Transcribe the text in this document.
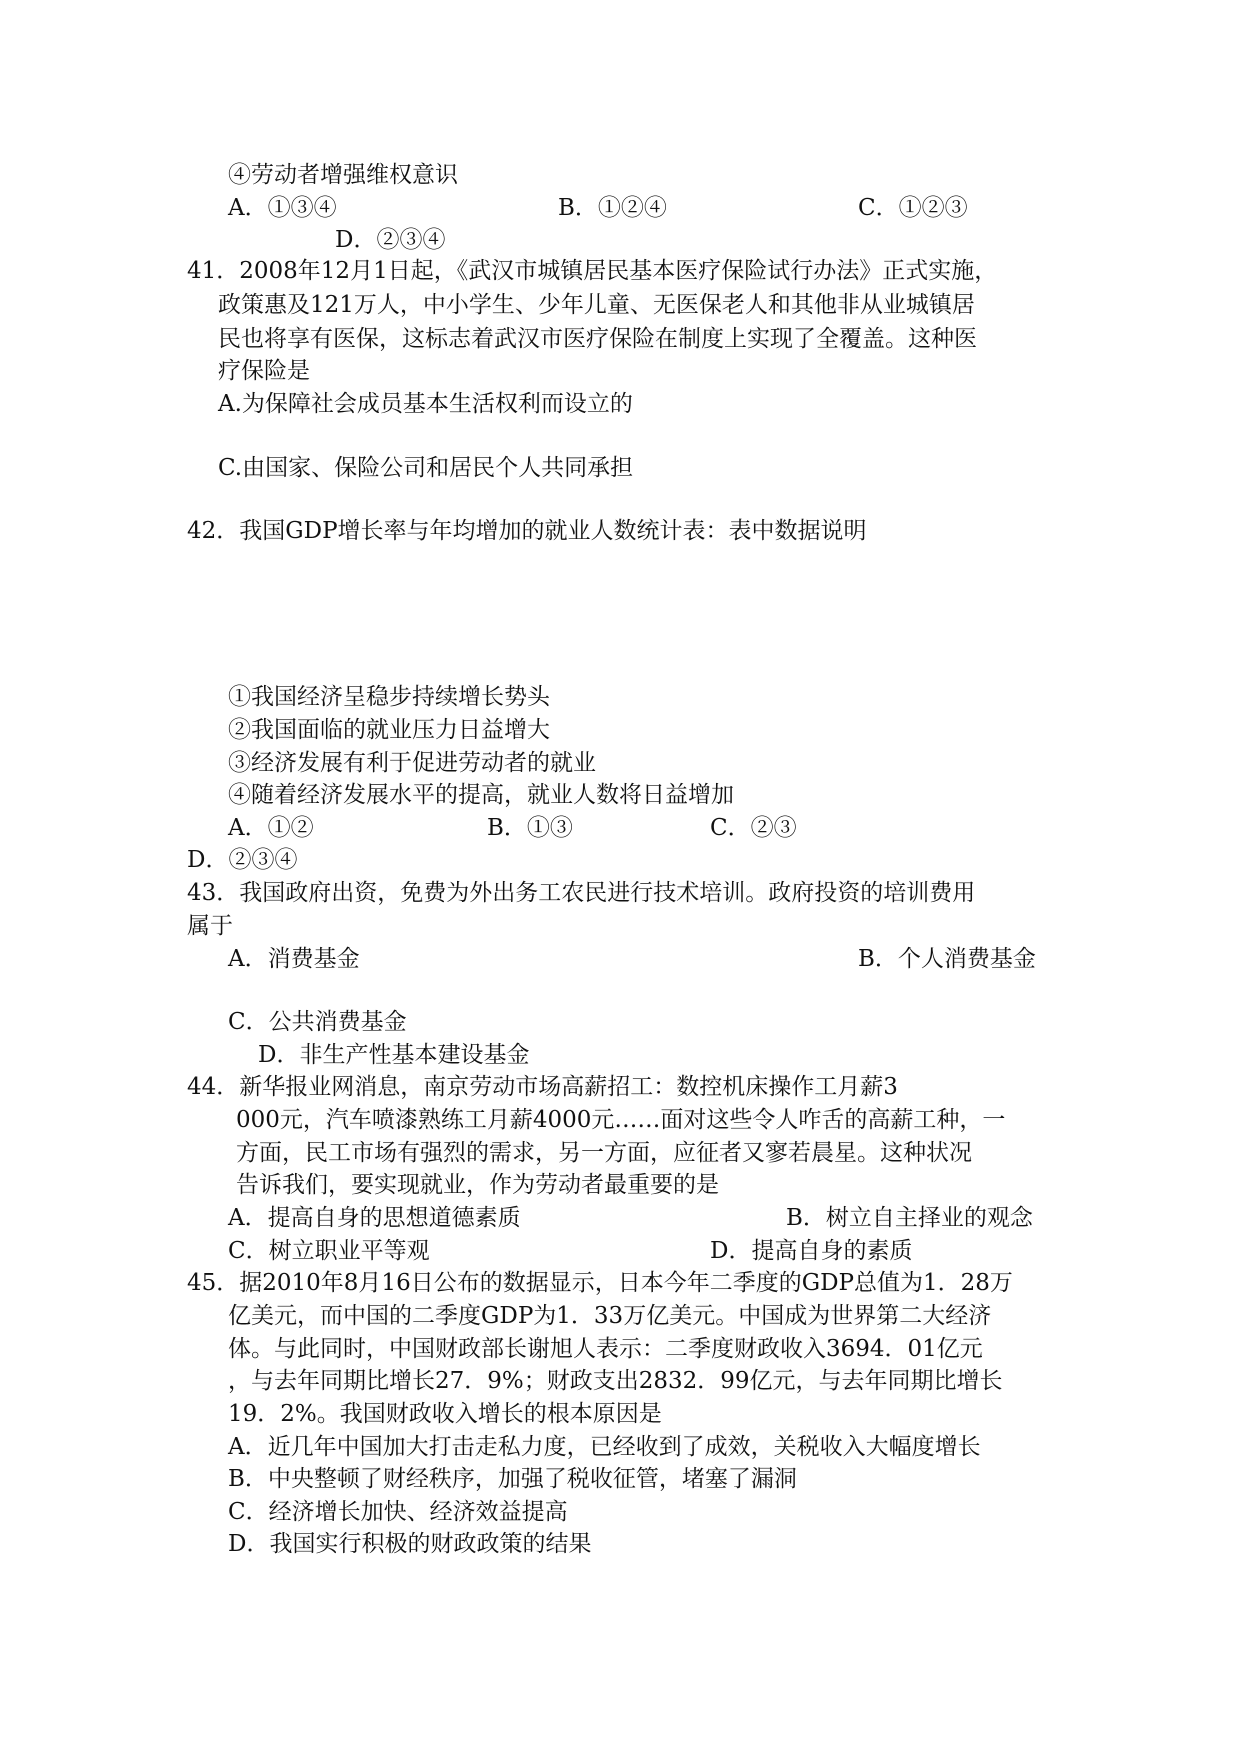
④劳动者增强维权意识
A．①③④	B．①②④	C．①②③
D．②③④
41．2008年12月1日起，《武汉市城镇居民基本医疗保险试行办法》正式实施，
政策惠及121万人，中小学生、少年儿童、无医保老人和其他非从业城镇居
民也将享有医保，这标志着武汉市医疗保险在制度上实现了全覆盖。这种医
疗保险是
A.为保障社会成员基本生活权利而设立的
C.由国家、保险公司和居民个人共同承担
42．我国GDP增长率与年均增加的就业人数统计表：表中数据说明
①我国经济呈稳步持续增长势头
②我国面临的就业压力日益增大
③经济发展有利于促进劳动者的就业
④随着经济发展水平的提高，就业人数将日益增加
A．①②	B．①③	C．②③
D．②③④
43．我国政府出资，免费为外出务工农民进行技术培训。政府投资的培训费用
属于
A．消费基金	B．个人消费基金
C．公共消费基金
D．非生产性基本建设基金
44．新华报业网消息，南京劳动市场高薪招工：数控机床操作工月薪3
000元，汽车喷漆熟练工月薪4000元……面对这些令人咋舌的高薪工种，一
方面，民工市场有强烈的需求，另一方面，应征者又寥若晨星。这种状况
告诉我们，要实现就业，作为劳动者最重要的是
A．提高自身的思想道德素质	B．树立自主择业的观念
C．树立职业平等观	D．提高自身的素质
45．据2010年8月16日公布的数据显示，日本今年二季度的GDP总值为1．28万
亿美元，而中国的二季度GDP为1．33万亿美元。中国成为世界第二大经济
体。与此同时，中国财政部长谢旭人表示：二季度财政收入3694．01亿元
，与去年同期比增长27．9%；财政支出2832．99亿元，与去年同期比增长
19．2%。我国财政收入增长的根本原因是
A．近几年中国加大打击走私力度，已经收到了成效，关税收入大幅度增长
B．中央整顿了财经秩序，加强了税收征管，堵塞了漏洞
C．经济增长加快、经济效益提高
D．我国实行积极的财政政策的结果
